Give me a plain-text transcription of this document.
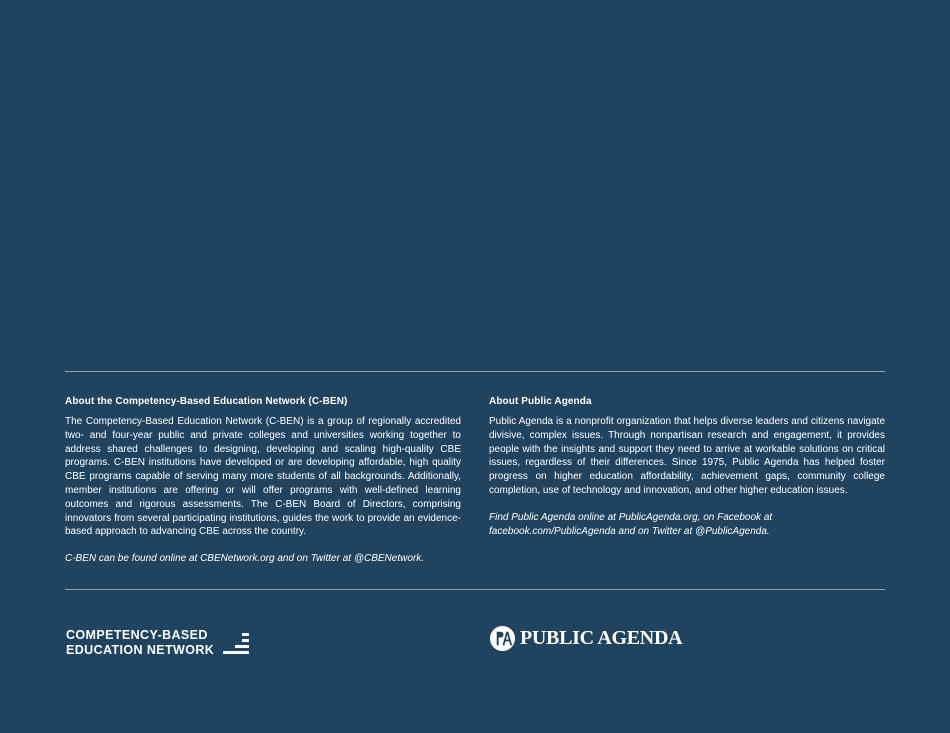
About the Competency-Based Education Network (C-BEN)

The Competency-Based Education Network (C-BEN) is a group of regionally accredited two- and four-year public and private colleges and universities working together to address shared challenges to designing, developing and scaling high-quality CBE programs. C-BEN institutions have developed or are developing affordable, high quality CBE programs capable of serving many more students of all backgrounds. Additionally, member institutions are offering or will offer programs with well-defined learning outcomes and rigorous assessments. The C-BEN Board of Directors, comprising innovators from several participating institutions, guides the work to provide an evidence-based approach to advancing CBE across the country.

C-BEN can be found online at CBENetwork.org and on Twitter at @CBENetwork.

About Public Agenda

Public Agenda is a nonprofit organization that helps diverse leaders and citizens navigate divisive, complex issues. Through nonpartisan research and engagement, it provides people with the insights and support they need to arrive at workable solutions on critical issues, regardless of their differences. Since 1975, Public Agenda has helped foster progress on higher education affordability, achievement gaps, community college completion, use of technology and innovation, and other higher education issues.

Find Public Agenda online at PublicAgenda.org, on Facebook at
facebook.com/PublicAgenda and on Twitter at @PublicAgenda.

COMPETENCY-BASED
EDUCATION NETWORK
PUBLIC AGENDA
